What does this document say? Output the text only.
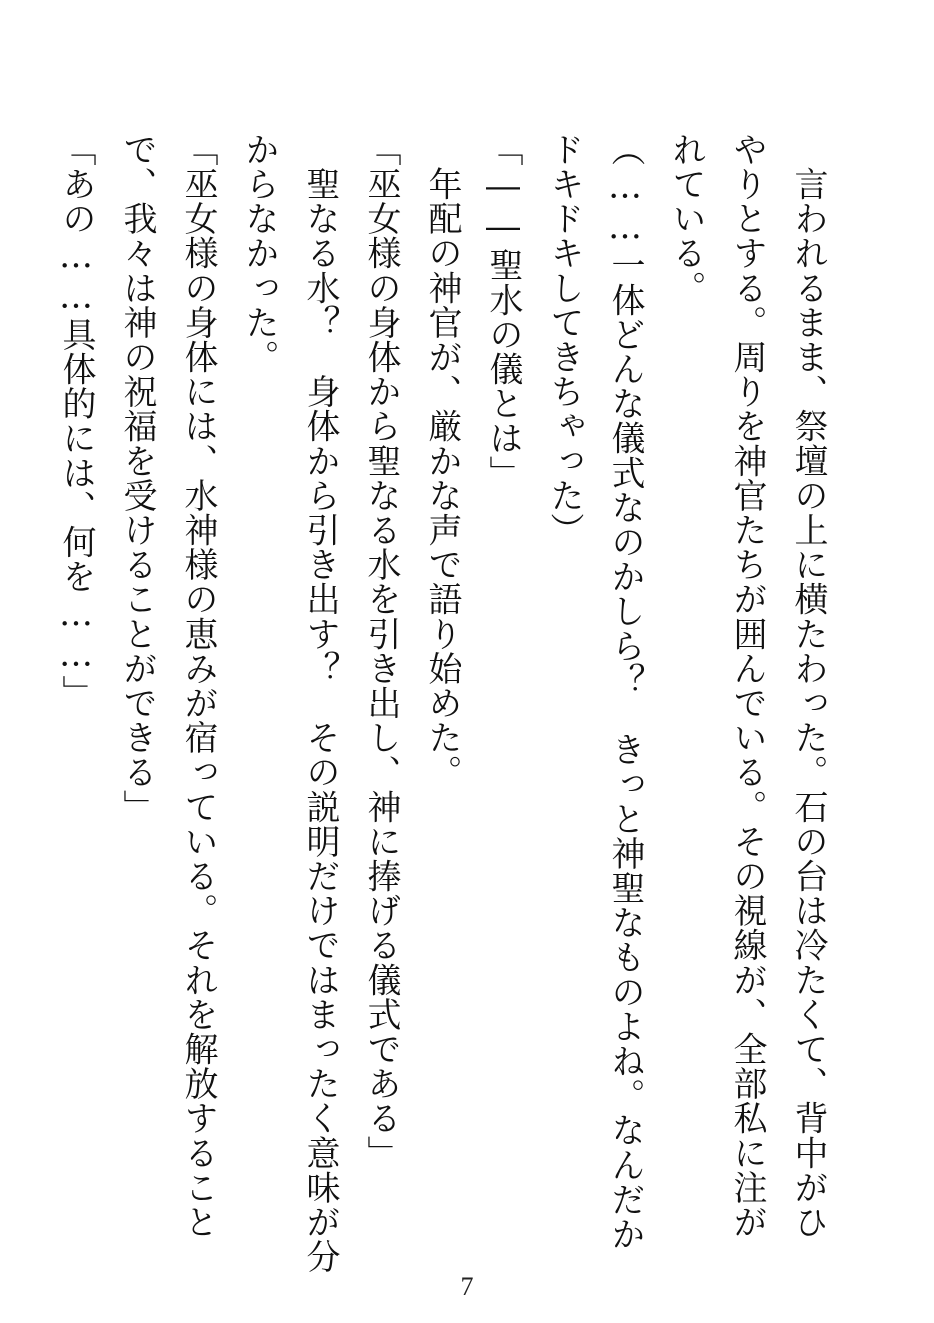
　言われるまま、祭壇の上に横たわった。石の台は冷たくて、背中がひ
やりとする。周りを神官たちが囲んでいる。その視線が、全部私に注が
れている。
（……一体どんな儀式なのかしら？　きっと神聖なものよね。なんだか
ドキドキしてきちゃった）
「――聖水の儀とは」
　年配の神官が、厳かな声で語り始めた。
「巫女様の身体から聖なる水を引き出し、神に捧げる儀式である」
　聖なる水？　身体から引き出す？　その説明だけではまったく意味が分
からなかった。
「巫女様の身体には、水神様の恵みが宿っている。それを解放すること
で、我々は神の祝福を受けることができる」
「あの……具体的には、何を……」
7
